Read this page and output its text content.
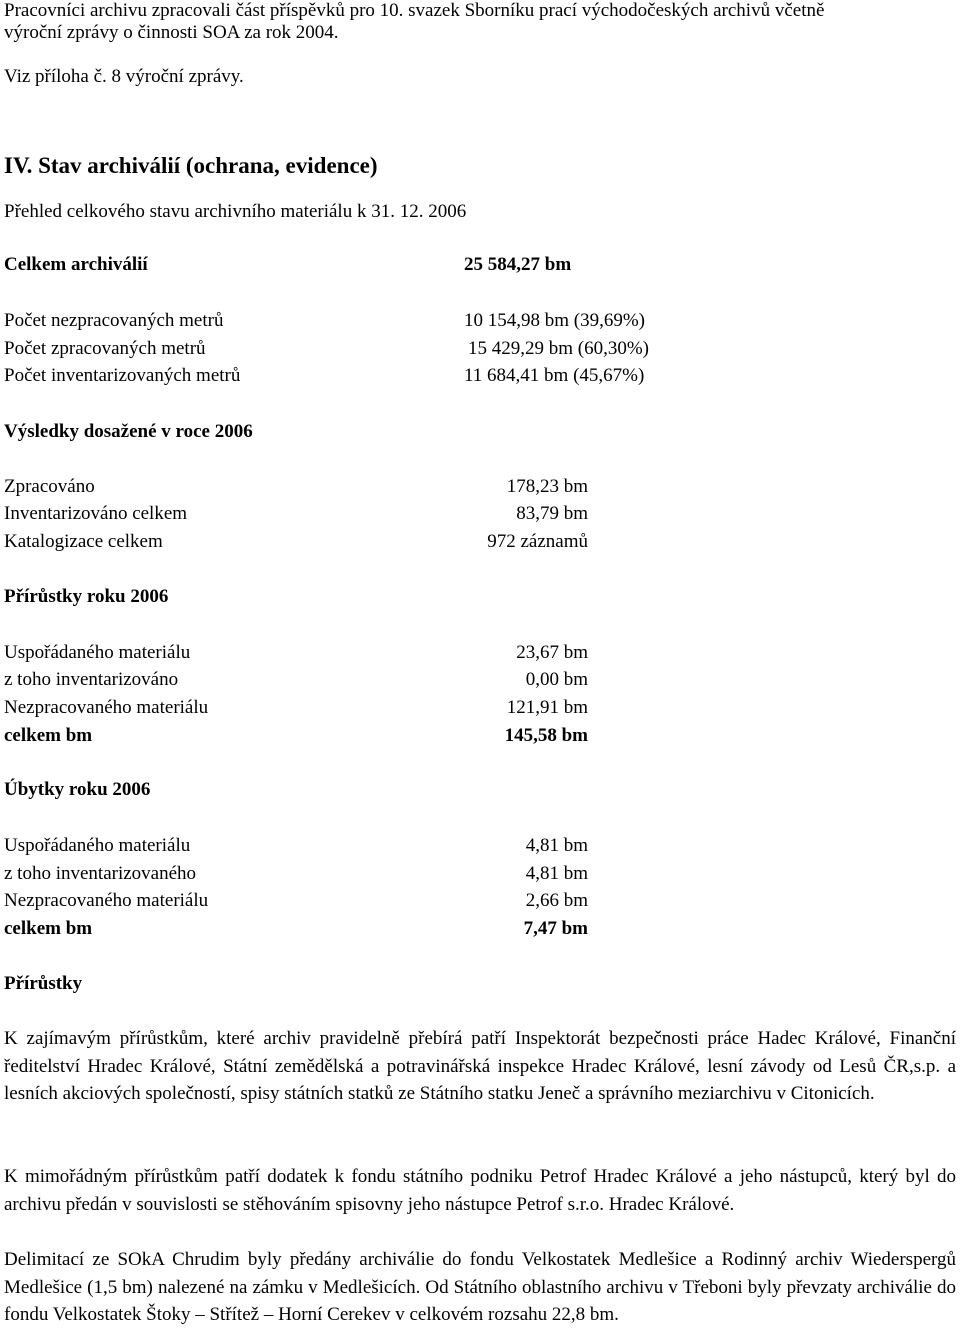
Pracovníci archivu zpracovali část příspěvků pro 10. svazek Sborníku prací východočeských archivů včetně
výroční zprávy o činnosti SOA za rok 2004.
Viz příloha č. 8 výroční zprávy.
IV. Stav archiválií (ochrana, evidence)
Přehled celkového stavu archivního materiálu k 31. 12. 2006
Celkem archiválií	25 584,27 bm
Počet nezpracovaných metrů	10 154,98 bm (39,69%)
Počet zpracovaných metrů	15 429,29 bm (60,30%)
Počet inventarizovaných metrů	11 684,41 bm (45,67%)
Výsledky dosažené v roce 2006
Zpracováno	178,23 bm
Inventarizováno celkem	83,79 bm
Katalogizace celkem	972 záznamů
Přírůstky roku 2006
Uspořádaného materiálu	23,67 bm
z toho inventarizováno	0,00 bm
Nezpracovaného materiálu	121,91 bm
celkem bm	145,58 bm
Úbytky roku 2006
Uspořádaného materiálu	4,81 bm
z toho inventarizovaného	4,81 bm
Nezpracovaného materiálu	2,66 bm
celkem bm	7,47 bm
Přírůstky
K zajímavým přírůstkům, které archiv pravidelně přebírá patří Inspektorát bezpečnosti práce Hadec Králové, Finanční ředitelství Hradec Králové, Státní zemědělská a potravinářská inspekce Hradec Králové, lesní závody od Lesů ČR,s.p. a lesních akciových společností, spisy státních statků ze Státního statku Jeneč a správního meziarchivu v Citonicích.
K mimořádným přírůstkům patří dodatek k fondu státního podniku Petrof Hradec Králové a jeho nástupců, který byl do archivu předán v souvislosti se stěhováním spisovny jeho nástupce Petrof s.r.o. Hradec Králové.
Delimitací ze SOkA Chrudim byly předány archiválie do fondu Velkostatek Medlešice a Rodinný archiv Wiederspergů Medlešice (1,5 bm) nalezené na zámku v Medlešicích. Od Státního oblastního archivu v Třeboni byly převzaty archiválie do fondu Velkostatek Štoky – Střítež – Horní Cerekev v celkovém rozsahu 22,8 bm.
